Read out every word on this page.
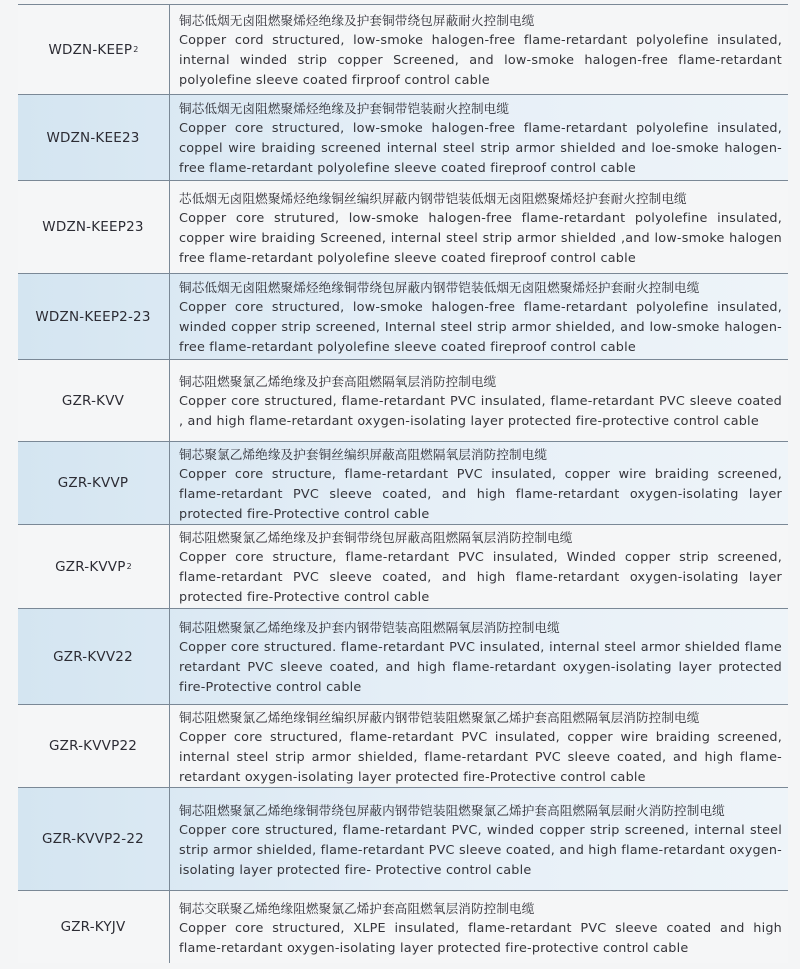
WDZN-KEEP 2
铜芯低烟无卤阻燃聚烯烃绝缘及护套铜带绕包屏蔽耐火控制电缆
Copper cord structured, low-smoke halogen-free flame-retardant polyolefine insulated, internal winded strip copper Screened, and low-smoke halogen-free flame-retardant polyolefine sleeve coated firproof control cable
WDZN-KEE23
铜芯低烟无卤阻燃聚烯烃绝缘及护套铜带铠装耐火控制电缆
Copper core structured, low-smoke halogen-free flame-retardant polyolefine insulated, coppel wire braiding screened internal steel strip armor shielded and loe-smoke halogen-free flame-retardant polyolefine sleeve coated fireproof control cable
WDZN-KEEP23
芯低烟无卤阻燃聚烯烃绝缘铜丝编织屏蔽内钢带铠装低烟无卤阻燃聚烯烃护套耐火控制电缆
Copper core strutured, low-smoke halogen-free flame-retardant polyolefine insulated, copper wire braiding Screened, internal steel strip armor shielded ,and low-smoke halogen free flame-retardant polyolefine sleeve coated fireproof control cable
WDZN-KEEP2-23
铜芯低烟无卤阻燃聚烯烃绝缘铜带绕包屏蔽内钢带铠装低烟无卤阻燃聚烯烃护套耐火控制电缆
Copper core structured, low-smoke halogen-free flame-retardant polyolefine insulated, winded copper strip screened, Internal steel strip armor shielded, and low-smoke halogen-free flame-retardant polyolefine sleeve coated fireproof control cable
GZR-KVV
铜芯阻燃聚氯乙烯绝缘及护套高阻燃隔氧层消防控制电缆
Copper core structured, flame-retardant PVC insulated, flame-retardant PVC sleeve coated , and high flame-retardant oxygen-isolating layer protected fire-protective control cable
GZR-KVVP
铜芯聚氯乙烯绝缘及护套铜丝编织屏蔽高阻燃隔氧层消防控制电缆
Copper core structure, flame-retardant PVC insulated, copper wire braiding screened, flame-retardant PVC sleeve coated, and high flame-retardant oxygen-isolating layer protected fire-Protective control cable
GZR-KVVP 2
铜芯阻燃聚氯乙烯绝缘及护套铜带绕包屏蔽高阻燃隔氧层消防控制电缆
Copper core structure, flame-retardant PVC insulated, Winded copper strip screened, flame-retardant PVC sleeve coated, and high flame-retardant oxygen-isolating layer protected fire-Protective control cable
GZR-KVV22
铜芯阻燃聚氯乙烯绝缘及护套内钢带铠装高阻燃隔氧层消防控制电缆
Copper core structured. flame-retardant PVC insulated, internal steel armor shielded flame retardant PVC sleeve coated, and high flame-retardant oxygen-isolating layer protected fire-Protective control cable
GZR-KVVP22
铜芯阻燃聚氯乙烯绝缘铜丝编织屏蔽内钢带铠装阻燃聚氯乙烯护套高阻燃隔氧层消防控制电缆
Copper core structured, flame-retardant PVC insulated, copper wire braiding screened, internal steel strip armor shielded, flame-retardant PVC sleeve coated, and high flame-retardant oxygen-isolating layer protected fire-Protective control cable
GZR-KVVP2-22
铜芯阻燃聚氯乙烯绝缘铜带绕包屏蔽内钢带铠装阻燃聚氯乙烯护套高阻燃隔氧层耐火消防控制电缆
Copper core structured, flame-retardant PVC, winded copper strip screened, internal steel strip armor shielded, flame-retardant PVC sleeve coated, and high flame-retardant oxygen-isolating layer protected fire- Protective control cable
GZR-KYJV
铜芯交联聚乙烯绝缘阻燃聚氯乙烯护套高阻燃氧层消防控制电缆
Copper core structured, XLPE insulated, flame-retardant PVC sleeve coated and high flame-retardant oxygen-isolating layer protected fire-protective control cable
